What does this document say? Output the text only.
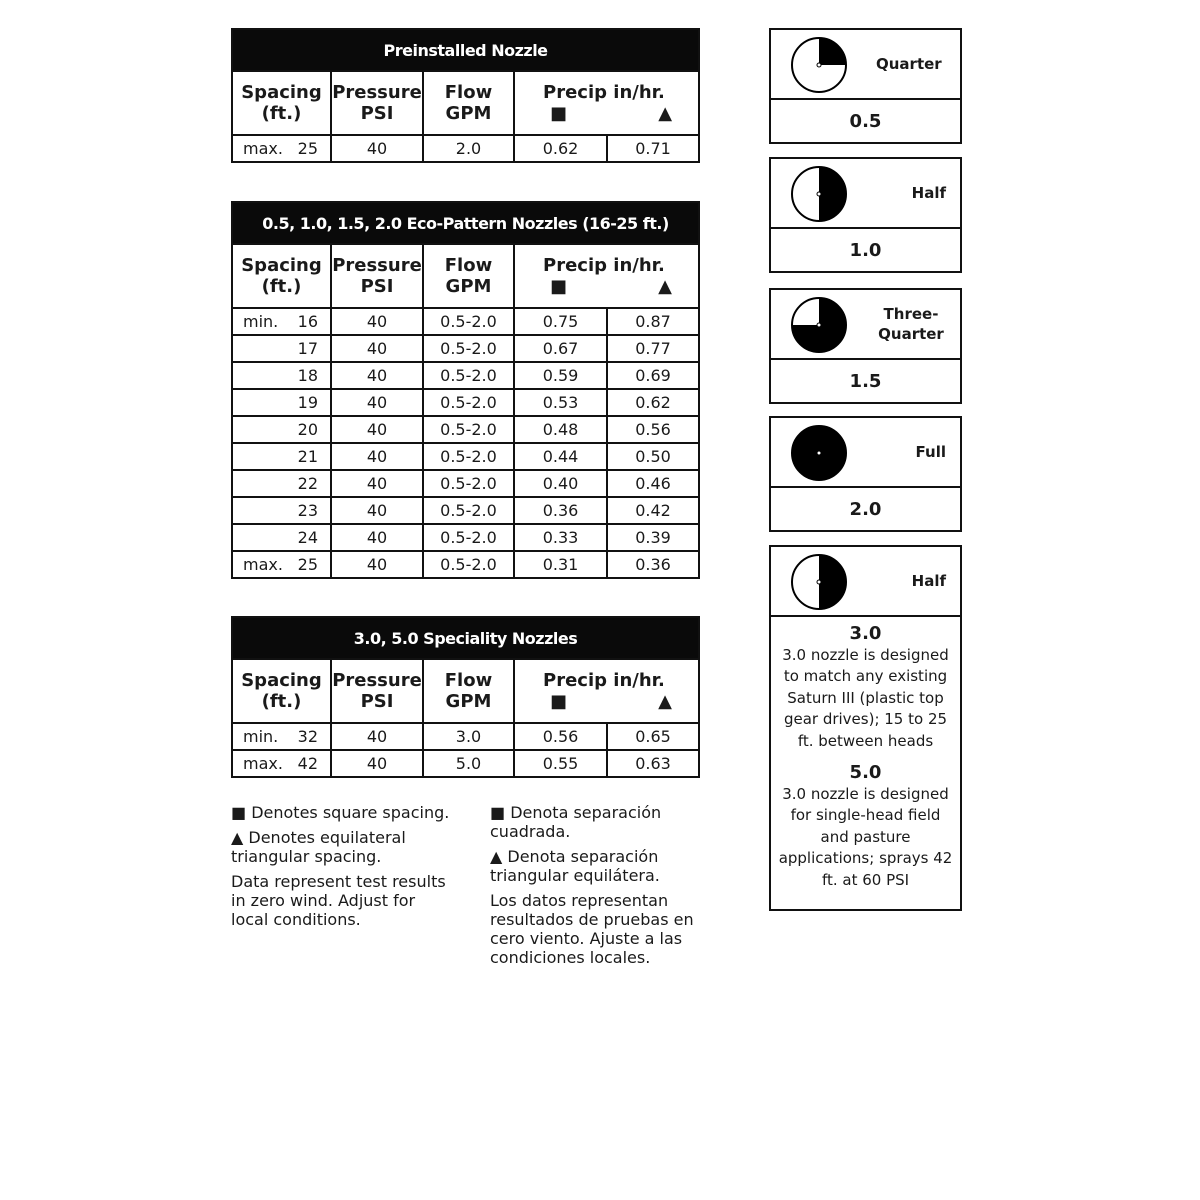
Preinstalled Nozzle				
Spacing (ft.)	Pressure PSI	Flow GPM	Precip in/hr.
■ ▲	

max. 25	40	2.0	0.62	0.71
0.5, 1.0, 1.5, 2.0 Eco-Pattern Nozzles (16-25 ft.)				
Spacing (ft.)	Pressure PSI	Flow GPM	Precip in/hr.
■ ▲	

min. 16	40	0.5-2.0	0.75	0.87

17	40	0.5-2.0	0.67	0.77

18	40	0.5-2.0	0.59	0.69

19	40	0.5-2.0	0.53	0.62

20	40	0.5-2.0	0.48	0.56

21	40	0.5-2.0	0.44	0.50

22	40	0.5-2.0	0.40	0.46

23	40	0.5-2.0	0.36	0.42

24	40	0.5-2.0	0.33	0.39

max. 25	40	0.5-2.0	0.31	0.36
3.0, 5.0 Speciality Nozzles				
Spacing (ft.)	Pressure PSI	Flow GPM	Precip in/hr.
■ ▲	

min. 32	40	3.0	0.56	0.65

max. 42	40	5.0	0.55	0.63

■ Denotes square spacing.

▲ Denotes equilateral triangular spacing.

Data represent test results in zero wind. Adjust for local conditions.

■ Denota separación cuadrada.

▲ Denota separación triangular equilátera.

Los datos representan resultados de pruebas en cero viento. Ajuste a las condiciones locales.

Quarter
0.5
Half
1.0
Three-Quarter
1.5
Full
2.0
Half
3.0
3.0 nozzle is designed to match any existing Saturn III (plastic top gear drives); 15 to 25 ft. between heads
5.0
3.0 nozzle is designed for single-head field and pasture applications; sprays 42 ft. at 60 PSI
